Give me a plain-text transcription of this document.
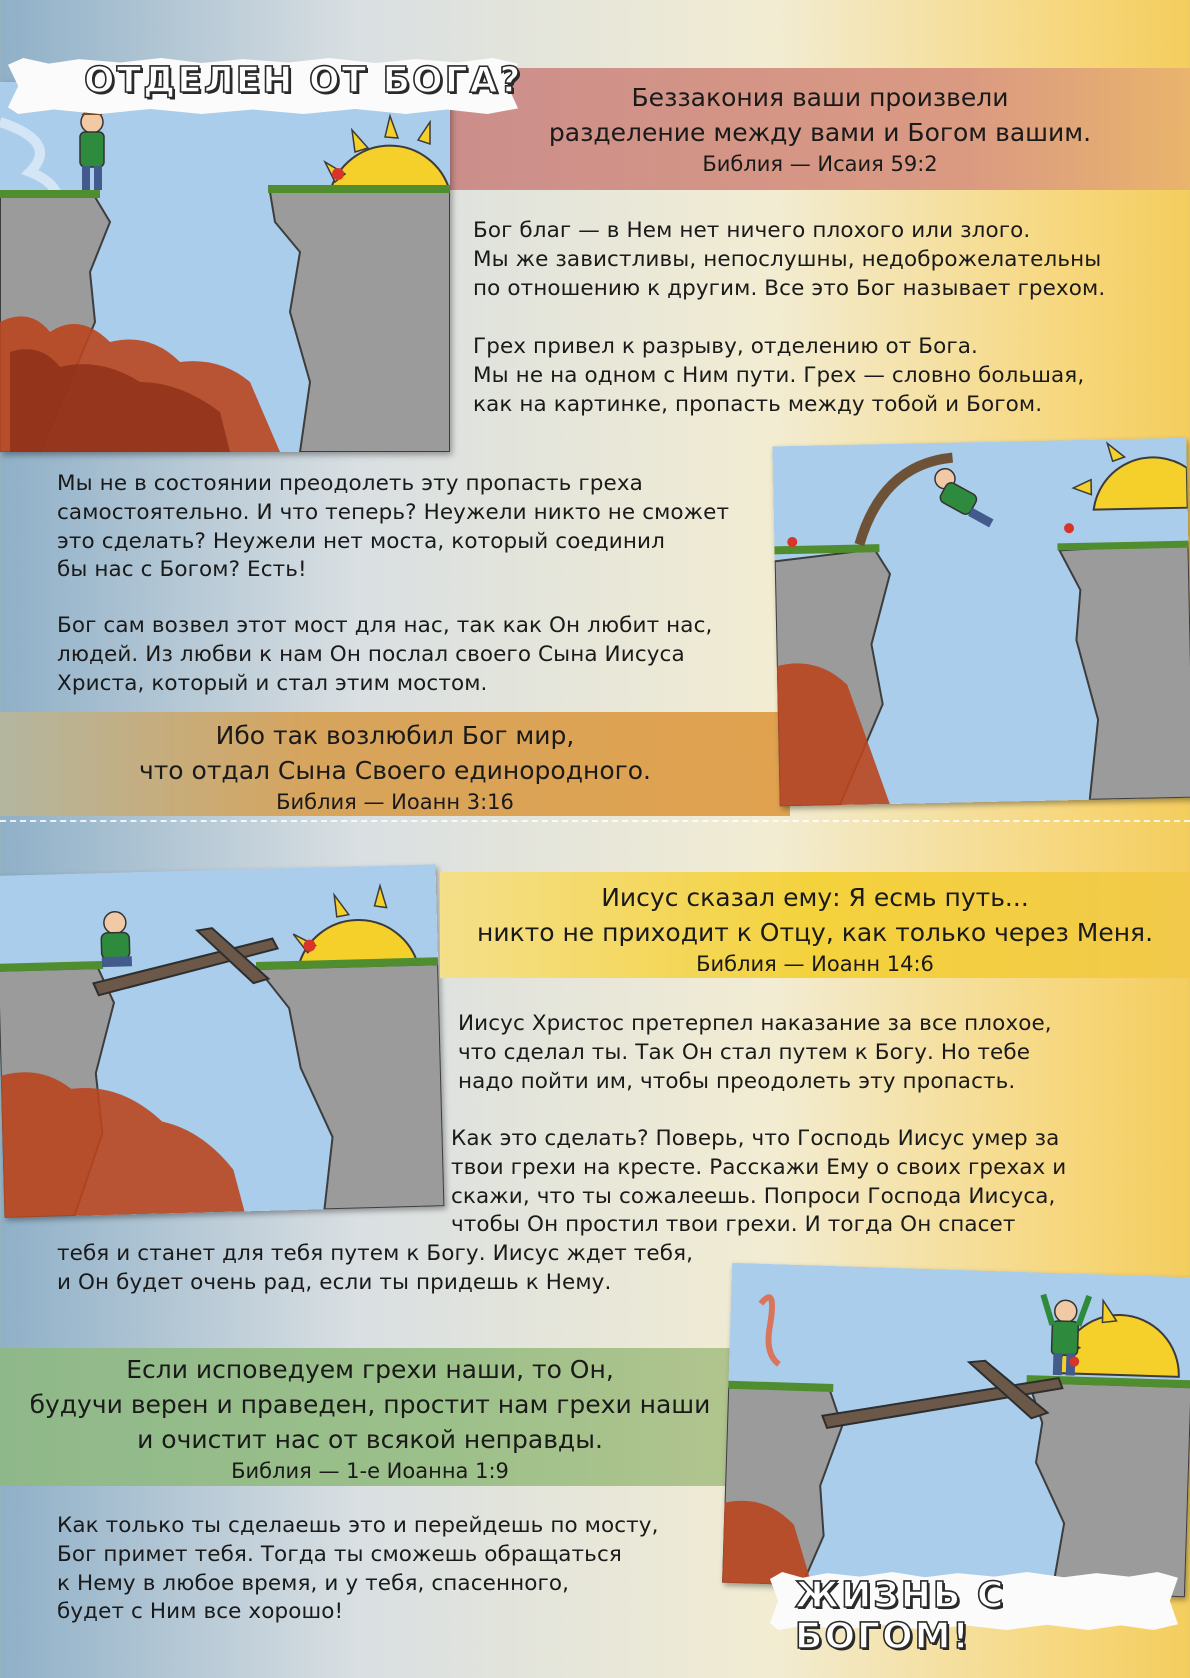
Беззакония ваши произвели
разделение между вами и Богом вашим.
Библия — Исаия 59:2
ОТДЕЛЕН ОТ БОГА?
Бог благ — в Нем нет ничего плохого или злого.
Мы же завистливы, непослушны, недоброжелательны
по отношению к другим. Все это Бог называет грехом.
Грех привел к разрыву, отделению от Бога.
Мы не на одном с Ним пути. Грех — словно большая,
как на картинке, пропасть между тобой и Богом.
Мы не в состоянии преодолеть эту пропасть греха
самостоятельно. И что теперь? Неужели никто не сможет
это сделать? Неужели нет моста, который соединил
бы нас с Богом? Есть!
Бог сам возвел этот мост для нас, так как Он любит нас,
людей. Из любви к нам Он послал своего Сына Иисуса
Христа, который и стал этим мостом.
Ибо так возлюбил Бог мир,
что отдал Сына Своего единородного.
Библия — Иоанн 3:16
Иисус сказал ему: Я есмь путь...
никто не приходит к Отцу, как только через Меня.
Библия — Иоанн 14:6
Иисус Христос претерпел наказание за все плохое,
что сделал ты. Так Он стал путем к Богу. Но тебе
надо пойти им, чтобы преодолеть эту пропасть.
Как это сделать? Поверь, что Господь Иисус умер за
твои грехи на кресте. Расскажи Ему о своих грехах и
скажи, что ты сожалеешь. Попроси Господа Иисуса,
чтобы Он простил твои грехи. И тогда Он спасет
тебя и станет для тебя путем к Богу. Иисус ждет тебя,
и Он будет очень рад, если ты придешь к Нему.
Если исповедуем грехи наши, то Он,
будучи верен и праведен, простит нам грехи наши
и очистит нас от всякой неправды.
Библия — 1-е Иоанна 1:9
Как только ты сделаешь это и перейдешь по мосту,
Бог примет тебя. Тогда ты сможешь обращаться
к Нему в любое время, и у тебя, спасенного,
будет с Ним все хорошо!	ЖИЗНЬ С БОГОМ!
